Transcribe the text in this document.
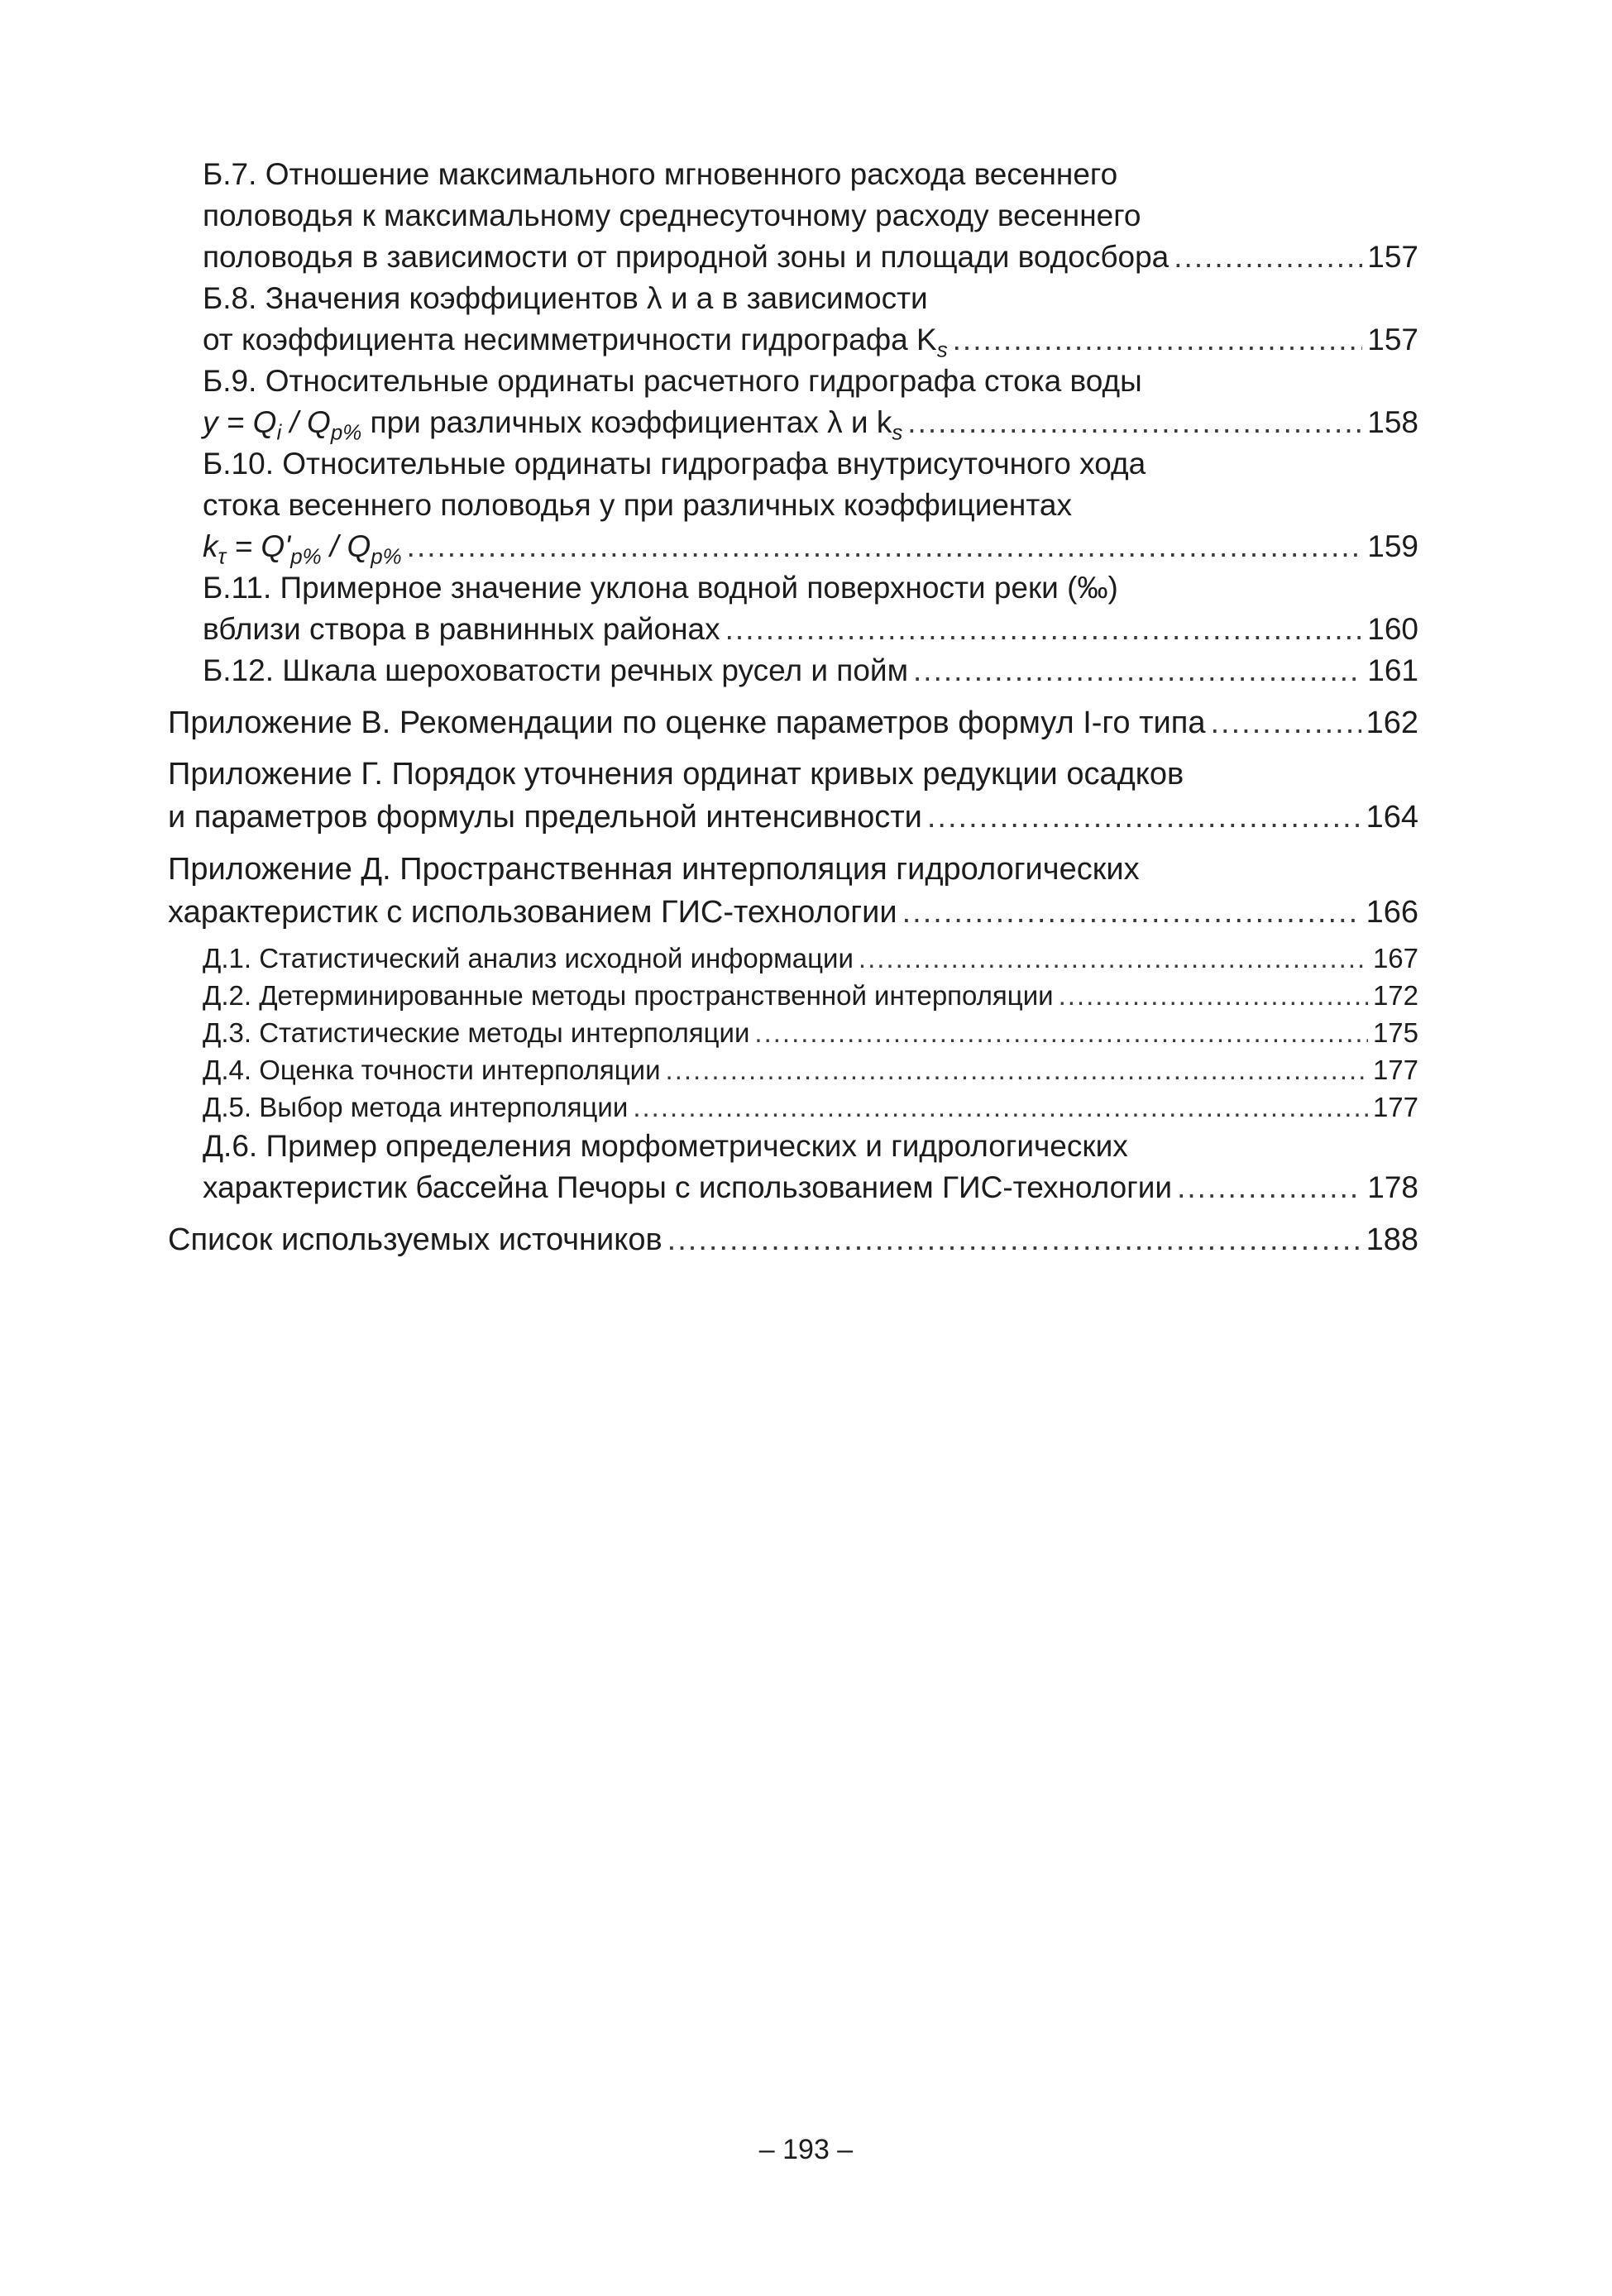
Б.7. Отношение максимального мгновенного расхода весеннего
половодья к максимальному среднесуточному расходу весеннего
половодья в зависимости от природной зоны и площади водосбора .....	157
Б.8. Значения коэффициентов λ и a в зависимости
от коэффициента несимметричности гидрографа $K_s$ .....	157
Б.9. Относительные ординаты расчетного гидрографа стока воды
$y = Q_i / Q_{p\%}$ при различных коэффициентах λ и $k_s$ .....	158
Б.10. Относительные ординаты гидрографа внутрисуточного хода
стока весеннего половодья y при различных коэффициентах
$k_\tau = Q'_{p\%} / Q_{p\%}$ .....	159
Б.11. Примерное значение уклона водной поверхности реки (‰)
вблизи створа в равнинных районах .....	160
Б.12. Шкала шероховатости речных русел и пойм .....	161
Приложение В. Рекомендации по оценке параметров формул I-го типа .....	162
Приложение Г. Порядок уточнения ординат кривых редукции осадков
и параметров формулы предельной интенсивности .....	164
Приложение Д. Пространственная интерполяция гидрологических
характеристик с использованием ГИС-технологии .....	166
Д.1. Статистический анализ исходной информации .....	167
Д.2. Детерминированные методы пространственной интерполяции .....	172
Д.3. Статистические методы интерполяции .....	175
Д.4. Оценка точности интерполяции .....	177
Д.5. Выбор метода интерполяции .....	177
Д.6. Пример определения морфометрических и гидрологических
характеристик бассейна Печоры с использованием ГИС-технологии .....	178
Список используемых источников .....	188
– 193 –
